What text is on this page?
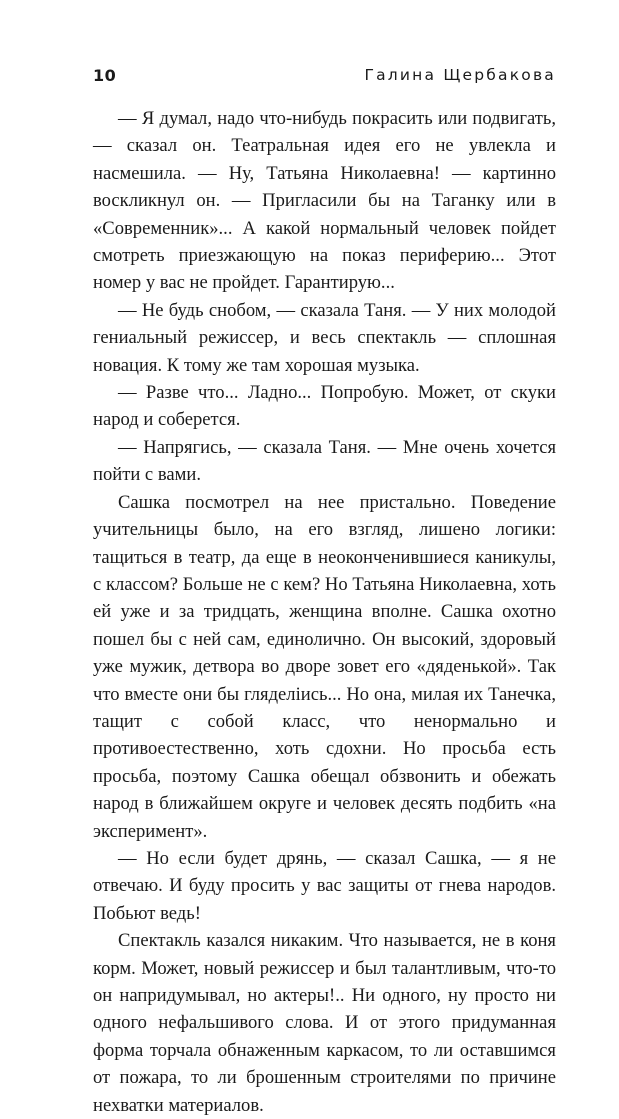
10	Галина Щербакова

— Я думал, надо что-нибудь покрасить или подвигать, — сказал он. Театральная идея его не увлекла и насмешила. — Ну, Татьяна Николаевна! — картинно воскликнул он. — Пригласили бы на Таганку или в «Современник»... А какой нормальный человек пойдет смотреть приезжающую на показ периферию... Этот номер у вас не пройдет. Гарантирую...

— Не будь снобом, — сказала Таня. — У них молодой гениальный режиссер, и весь спектакль — сплошная новация. К тому же там хорошая музыка.

— Разве что... Ладно... Попробую. Может, от скуки народ и соберется.

— Напрягись, — сказала Таня. — Мне очень хочется пойти с вами.

Сашка посмотрел на нее пристально. Поведение учительницы было, на его взгляд, лишено логики: тащиться в театр, да еще в неоконченившиеся каникулы, с классом? Больше не с кем? Но Татьяна Николаевна, хоть ей уже и за тридцать, женщина вполне. Сашка охотно пошел бы с ней сам, единолично. Он высокий, здоровый уже мужик, детвора во дворе зовет его «дяденькой». Так что вместе они бы гляделіись... Но она, милая их Танечка, тащит с собой класс, что ненормально и противоестественно, хоть сдохни. Но просьба есть просьба, поэтому Сашка обещал обзвонить и обежать народ в ближайшем округе и человек десять подбить «на эксперимент».

— Но если будет дрянь, — сказал Сашка, — я не отвечаю. И буду просить у вас защиты от гнева народов. Побьют ведь!

Спектакль казался никаким. Что называется, не в коня корм. Может, новый режиссер и был талантливым, что-то он напридумывал, но актеры!.. Ни одного, ну просто ни одного нефальшивого слова. И от этого придуманная форма торчала обнаженным каркасом, то ли оставшимся от пожара, то ли брошенным строителями по причине нехватки материалов.
